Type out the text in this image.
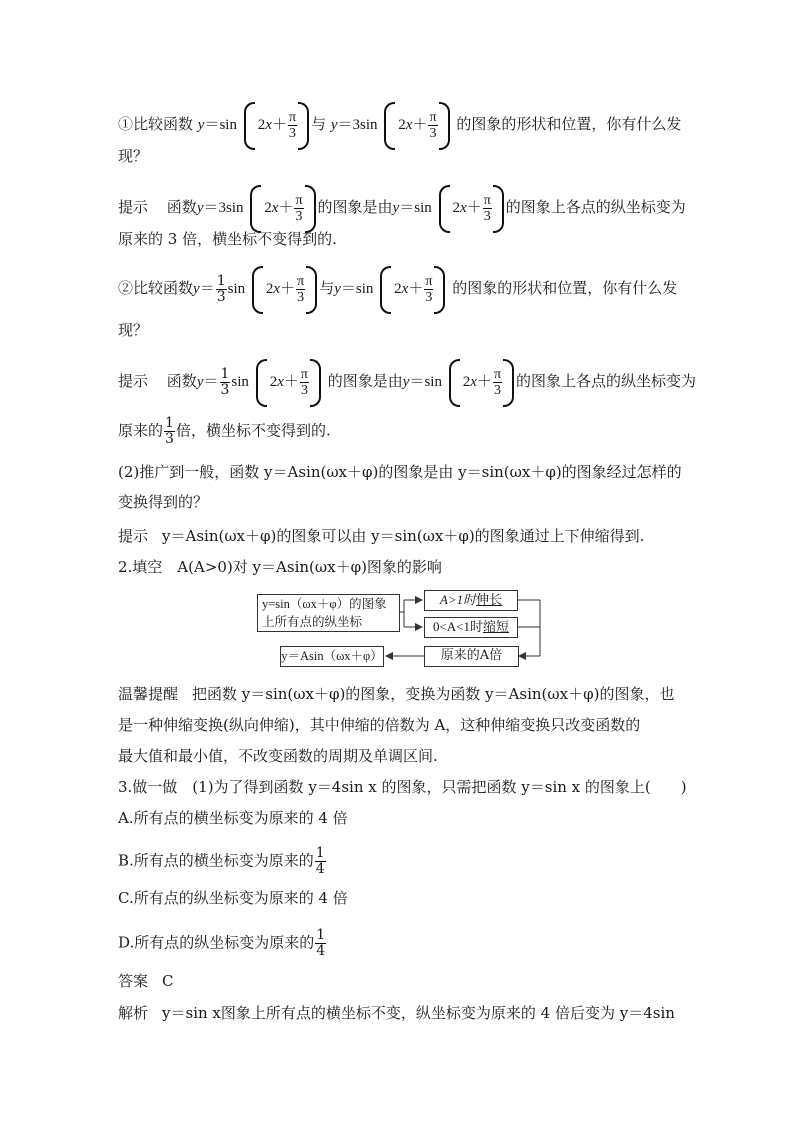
①比较函数 y＝sin $2x+ \frac{\pi}{3}$ 与 y＝3sin $2x+ \frac{\pi}{3}$ 的图象的形状和位置，你有什么发
现？
提示 函数y＝3sin $2x+ \frac{\pi}{3}$ 的图象是由y＝sin $2x+ \frac{\pi}{3}$ 的图象上各点的纵坐标变为
原来的 3 倍，横坐标不变得到的.
②比较函数$y= \frac{1}{3}$ $\sin 2x+ \frac{\pi}{3}$ 与y＝sin $2x+ \frac{\pi}{3}$ 的图象的形状和位置，你有什么发
现？
提示 函数$y= \frac{1}{3}$ $\sin 2x+ \frac{\pi}{3}$ 的图象是由y＝sin $2x+ \frac{\pi}{3}$ 的图象上各点的纵坐标变为
原来的 $\frac{1}{3}$ 倍，横坐标不变得到的.
(2)推广到一般，函数 y＝Asin(ωx＋φ)的图象是由 y＝sin(ωx＋φ)的图象经过怎样的
变换得到的？
提示 y＝Asin(ωx＋φ)的图象可以由 y＝sin(ωx＋φ)的图象通过上下伸缩得到.
2.填空　A(A>0)对 y＝Asin(ωx＋φ)图象的影响
y=sin（ωx＋φ）的图象
上所有点的纵坐标
A>1时伸长
0<A<1时缩短
原来的A倍
y＝Asin（ωx＋φ）
温馨提醒 把函数 y＝sin(ωx＋φ)的图象，变换为函数 y＝Asin(ωx＋φ)的图象，也
是一种伸缩变换(纵向伸缩)，其中伸缩的倍数为 A，这种伸缩变换只改变函数的
最大值和最小值，不改变函数的周期及单调区间.
3.做一做　(1)为了得到函数 y＝4sin x 的图象，只需把函数 y＝sin x 的图象上(　　)
A.所有点的横坐标变为原来的 4 倍
B.所有点的横坐标变为原来的 $\frac{1}{4}$
C.所有点的纵坐标变为原来的 4 倍
D.所有点的纵坐标变为原来的 $\frac{1}{4}$
答案 C
解析 y＝sin x图象上所有点的横坐标不变，纵坐标变为原来的 4 倍后变为 y＝4sin
